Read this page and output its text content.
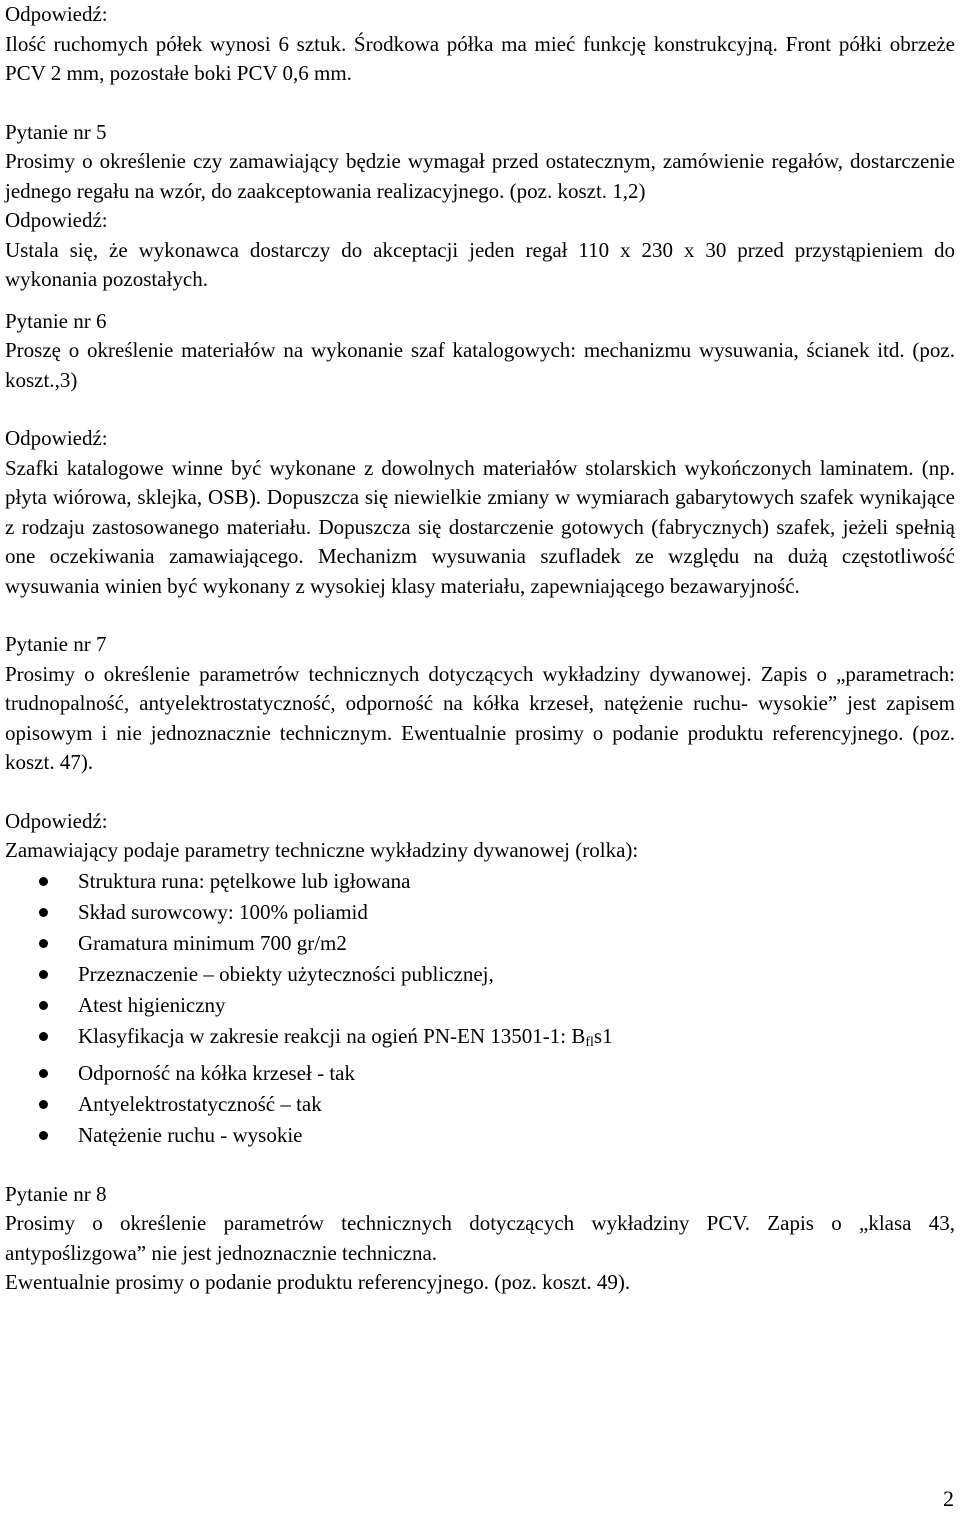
Odpowiedź:

Ilość ruchomych półek wynosi 6 sztuk. Środkowa półka ma mieć funkcję konstrukcyjną. Front półki obrzeże PCV 2 mm, pozostałe boki PCV 0,6 mm.

Pytanie nr 5

Prosimy o określenie czy zamawiający będzie wymagał przed ostatecznym, zamówienie regałów, dostarczenie jednego regału na wzór, do zaakceptowania realizacyjnego. (poz. koszt. 1,2)

Odpowiedź:

Ustala się, że wykonawca dostarczy do akceptacji jeden regał 110 x 230 x 30 przed przystąpieniem do wykonania pozostałych.

Pytanie nr 6

Proszę o określenie materiałów na wykonanie szaf katalogowych: mechanizmu wysuwania, ścianek itd. (poz. koszt.,3)

Odpowiedź:

Szafki katalogowe winne być wykonane z dowolnych materiałów stolarskich wykończonych laminatem. (np. płyta wiórowa, sklejka, OSB). Dopuszcza się niewielkie zmiany w wymiarach gabarytowych szafek wynikające z rodzaju zastosowanego materiału. Dopuszcza się dostarczenie gotowych (fabrycznych) szafek, jeżeli spełnią one oczekiwania zamawiającego. Mechanizm wysuwania szufladek ze względu na dużą częstotliwość wysuwania winien być wykonany z wysokiej klasy materiału, zapewniającego bezawaryjność.

Pytanie nr 7

Prosimy o określenie parametrów technicznych dotyczących wykładziny dywanowej. Zapis o „parametrach: trudnopalność, antyelektrostatyczność, odporność na kółka krzeseł, natężenie ruchu- wysokie” jest zapisem opisowym i nie jednoznacznie technicznym. Ewentualnie prosimy o podanie produktu referencyjnego. (poz. koszt. 47).

Odpowiedź:

Zamawiający podaje parametry techniczne wykładziny dywanowej (rolka):

Struktura runa: pętelkowe lub igłowana
Skład surowcowy: 100% poliamid
Gramatura minimum 700 gr/m2
Przeznaczenie – obiekty użyteczności publicznej,
Atest higieniczny
Klasyfikacja w zakresie reakcji na ogień PN-EN 13501-1: $B_{fl}s1$
Odporność na kółka krzeseł - tak
Antyelektrostatyczność – tak
Natężenie ruchu - wysokie

Pytanie nr 8

Prosimy o określenie parametrów technicznych dotyczących wykładziny PCV. Zapis o „klasa 43, antypoślizgowa” nie jest jednoznacznie techniczna.

Ewentualnie prosimy o podanie produktu referencyjnego. (poz. koszt. 49).

2
